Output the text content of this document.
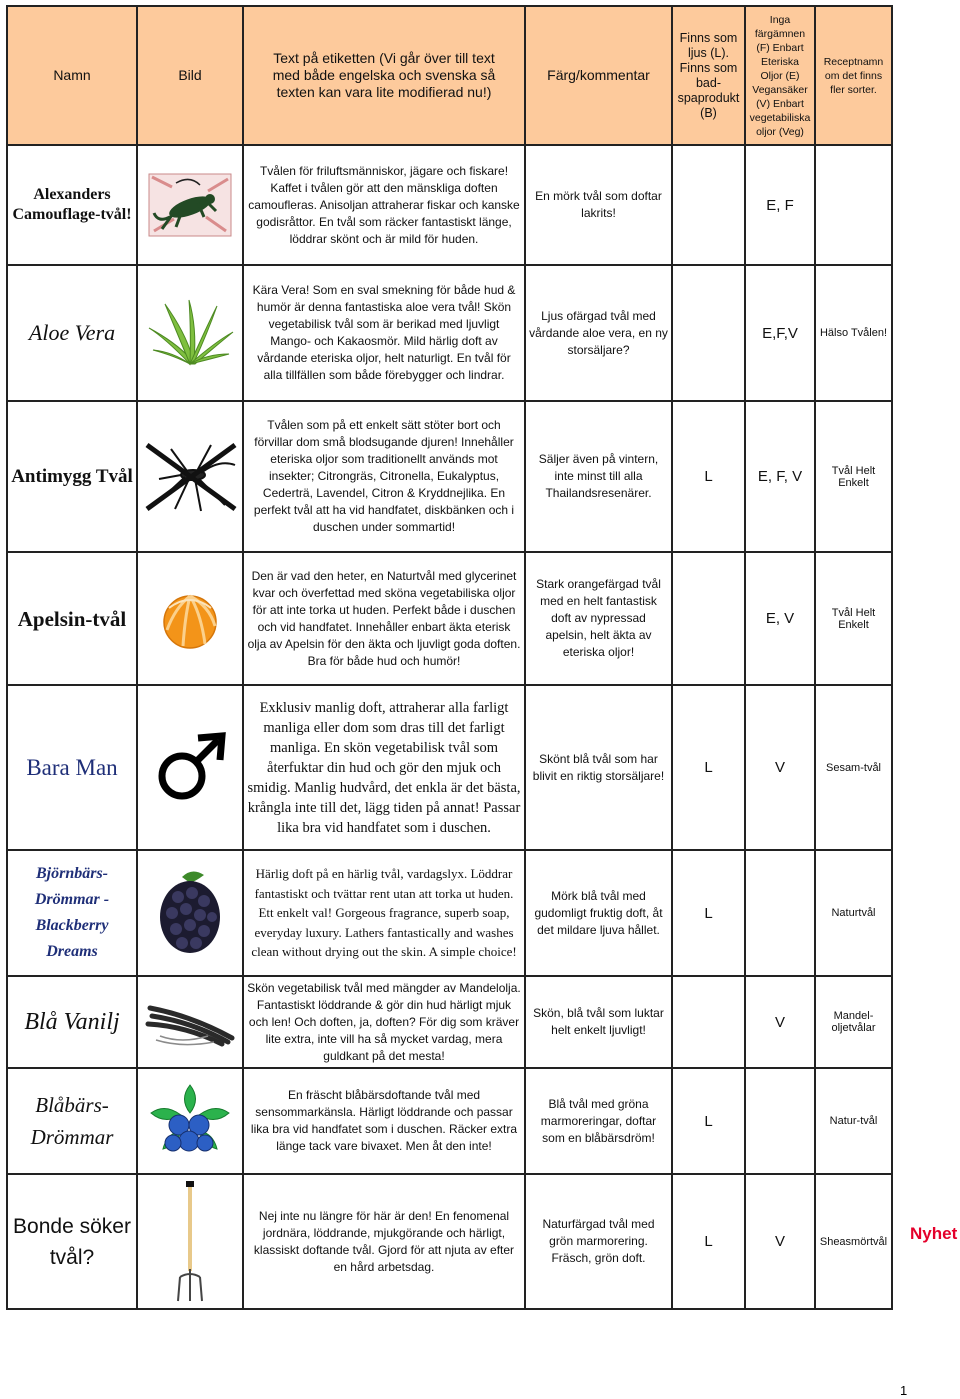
Namn	Bild	Text på etiketten (Vi går över till text med både engelska och svenska så texten kan vara lite modifierad nu!)	Färg/kommentar	Finns som ljus (L). Finns som bad-spaprodukt (B)	Inga färgämnen (F) Enbart Eteriska Oljor (E) Vegansäker (V) Enbart vegetabiliska oljor (Veg)	Receptnamn om det finns fler sorter.
Alexanders Camouflage-tvål!		Tvålen för friluftsmänniskor, jägare och fiskare! Kaffet i tvålen gör att den mänskliga doften camoufleras. Anisoljan attraherar fiskar och kanske godisråttor. En tvål som räcker fantastiskt länge, löddrar skönt och är mild för huden.	En mörk tvål som doftar lakrits!		E, F	
Aloe Vera		Kära Vera! Som en sval smekning för både hud & humör är denna fantastiska aloe vera tvål! Skön vegetabilisk tvål som är berikad med ljuvligt Mango- och Kakaosmör. Mild härlig doft av vårdande eteriska oljor, helt naturligt. En tvål för alla tillfällen som både förebygger och lindrar.	Ljus ofärgad tvål med vårdande aloe vera, en ny storsäljare?		E,F,V	Hälso Tvålen!
Antimygg Tvål		Tvålen som på ett enkelt sätt stöter bort och förvillar dom små blodsugande djuren! Innehåller eteriska oljor som traditionellt används mot insekter; Citrongräs, Citronella, Eukalyptus, Cederträ, Lavendel, Citron & Kryddnejlika. En perfekt tvål att ha vid handfatet, diskbänken och i duschen under sommartid!	Säljer även på vintern, inte minst till alla Thailandsresenärer.	L	E, F, V	Tvål Helt Enkelt
Apelsin-tvål		Den är vad den heter, en Naturtvål med glycerinet kvar och överfettad med sköna vegetabiliska oljor för att inte torka ut huden. Perfekt både i duschen och vid handfatet. Innehåller enbart äkta eterisk olja av Apelsin för den äkta och ljuvligt goda doften. Bra för både hud och humör!	Stark orangefärgad tvål med en helt fantastisk doft av nypressad apelsin, helt äkta av eteriska oljor!		E, V	Tvål Helt Enkelt
Bara Man		Exklusiv manlig doft, attraherar alla farligt manliga eller dom som dras till det farligt manliga. En skön vegetabilisk tvål som återfuktar din hud och gör den mjuk och smidig. Manlig hudvård, det enkla är det bästa, krångla inte till det, lägg tiden på annat! Passar lika bra vid handfatet som i duschen.	Skönt blå tvål som har blivit en riktig storsäljare!	L	V	Sesam-tvål
Björnbärs-Drömmar - Blackberry Dreams		Härlig doft på en härlig tvål, vardagslyx. Löddrar fantastiskt och tvättar rent utan att torka ut huden. Ett enkelt val! Gorgeous fragrance, superb soap, everyday luxury. Lathers fantastically and washes clean without drying out the skin. A simple choice!	Mörk blå tvål med gudomligt fruktig doft, åt det mildare ljuva hållet.	L		Naturtvål
Blå Vanilj		Skön vegetabilisk tvål med mängder av Mandelolja. Fantastiskt löddrande & gör din hud härligt mjuk och len! Och doften, ja, doften? För dig som kräver lite extra, inte vill ha så mycket vardag, mera guldkant på det mesta!	Skön, blå tvål som luktar helt enkelt ljuvligt!		V	Mandel-oljetvålar
Blåbärs-Drömmar		En fräscht blåbärsdoftande tvål med sensommarkänsla. Härligt löddrande och passar lika bra vid handfatet som i duschen. Räcker extra länge tack vare bivaxet. Men åt den inte!	Blå tvål med gröna marmoreringar, doftar som en blåbärsdröm!	L		Natur-tvål
Bonde söker tvål?		Nej inte nu längre för här är den! En fenomenal jordnära, löddrande, mjukgörande och härligt, klassiskt doftande tvål. Gjord för att njuta av efter en hård arbetsdag.	Naturfärgad tvål med grön marmorering. Fräsch, grön doft.	L	V	Sheasmörtvål Nyhet
1
